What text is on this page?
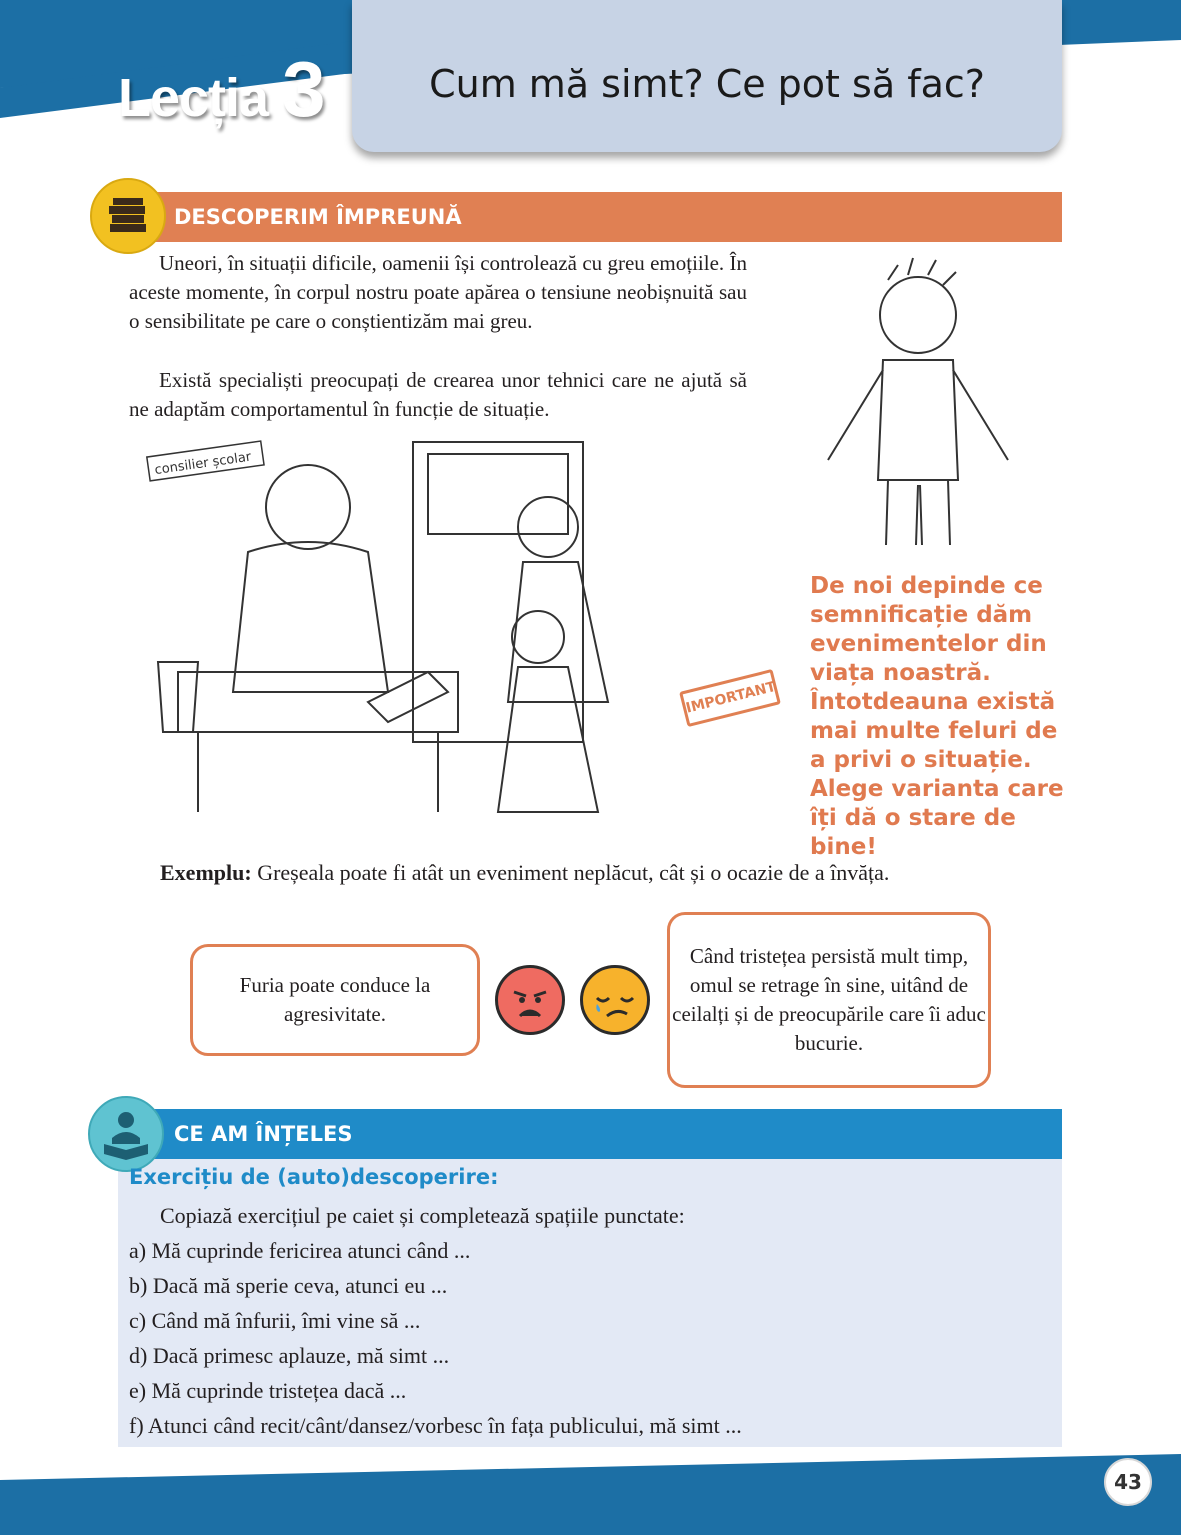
Lecția 3	Cum mă simt? Ce pot să fac?
DESCOPERIM ÎMPREUNĂ
Uneori, în situații dificile, oamenii își controlează cu greu emoțiile. În aceste momente, în corpul nostru poate apărea o tensiune neobișnuită sau o sensibilitate pe care o conștientizăm mai greu.
Există specialiști preocupați de crearea unor tehnici care ne ajută să ne adaptăm comportamentul în funcție de situație.
consilier școlar
IMPORTANT
De noi depinde ce semnificație dăm evenimentelor din viața noastră. Întotdeauna există mai multe feluri de a privi o situație. Alege varianta care îți dă o stare de bine!
Exemplu: Greșeala poate fi atât un eveniment neplăcut, cât și o ocazie de a învăța.
Furia poate conduce la agresivitate.
Când tristețea persistă mult timp, omul se retrage în sine, uitând de ceilalți și de preocupările care îi aduc bucurie.
CE AM ÎNȚELES
Exercițiu de (auto)descoperire:
Copiază exercițiul pe caiet și completează spațiile punctate:
a) Mă cuprinde fericirea atunci când ...
b) Dacă mă sperie ceva, atunci eu ...
c) Când mă înfurii, îmi vine să ...
d) Dacă primesc aplauze, mă simt ...
e) Mă cuprinde tristețea dacă ...
f) Atunci când recit/cânt/dansez/vorbesc în fața publicului, mă simt ...
43
